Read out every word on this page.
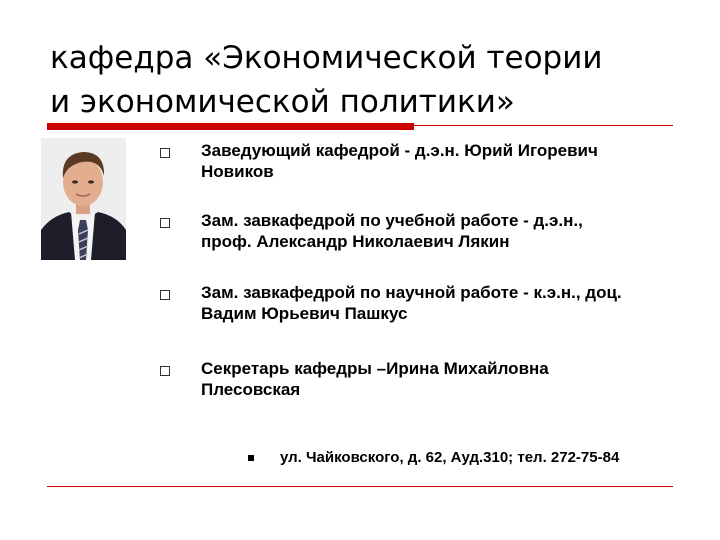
кафедра «Экономической теории
и экономической политики»
Заведующий кафедрой - д.э.н. Юрий Игоревич
Новиков
Зам. завкафедрой по учебной работе - д.э.н.,
проф. Александр Николаевич Лякин
Зам. завкафедрой по научной работе - к.э.н., доц.
Вадим Юрьевич Пашкус
Секретарь кафедры –Ирина Михайловна
Плесовская
ул. Чайковского, д. 62, Ауд.310; тел. 272-75-84
